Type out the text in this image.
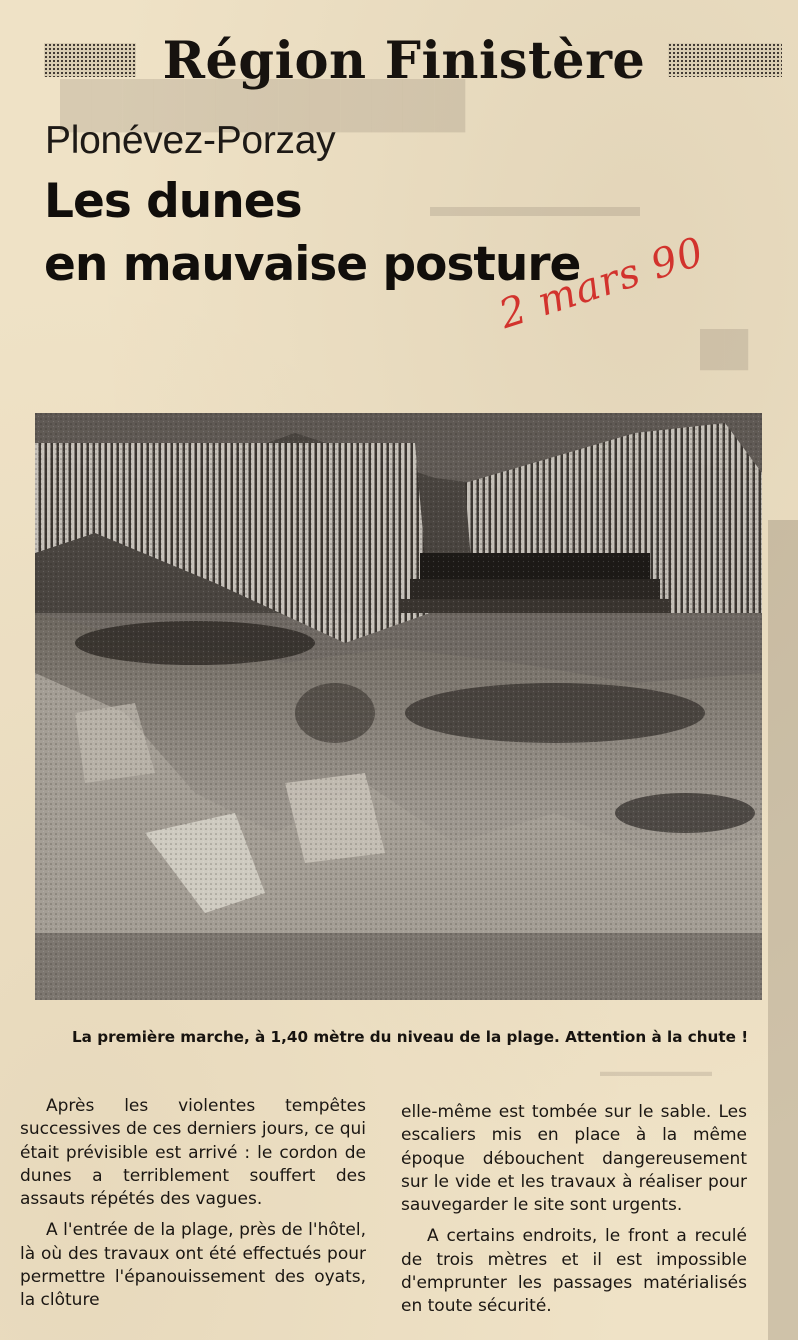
█████████████
▬▬▬▬▬▬▬
██
▬▬▬▬▬▬▬▬
Région Finistère
Plonévez-Porzay
Les dunes
en mauvaise posture
2 mars 90

La première marche, à 1,40 mètre du niveau de la plage. Attention à la chute !

Après les violentes tempêtes successives de ces derniers jours, ce qui était prévisible est arrivé : le cordon de dunes a terriblement souffert des assauts répétés des vagues.

A l'entrée de la plage, près de l'hôtel, là où des travaux ont été effectués pour permettre l'épanouissement des oyats, la clôture

elle-même est tombée sur le sable. Les escaliers mis en place à la même époque débouchent dangereusement sur le vide et les travaux à réaliser pour sauvegarder le site sont urgents.

A certains endroits, le front a reculé de trois mètres et il est impossible d'emprunter les passages matérialisés en toute sécurité.
